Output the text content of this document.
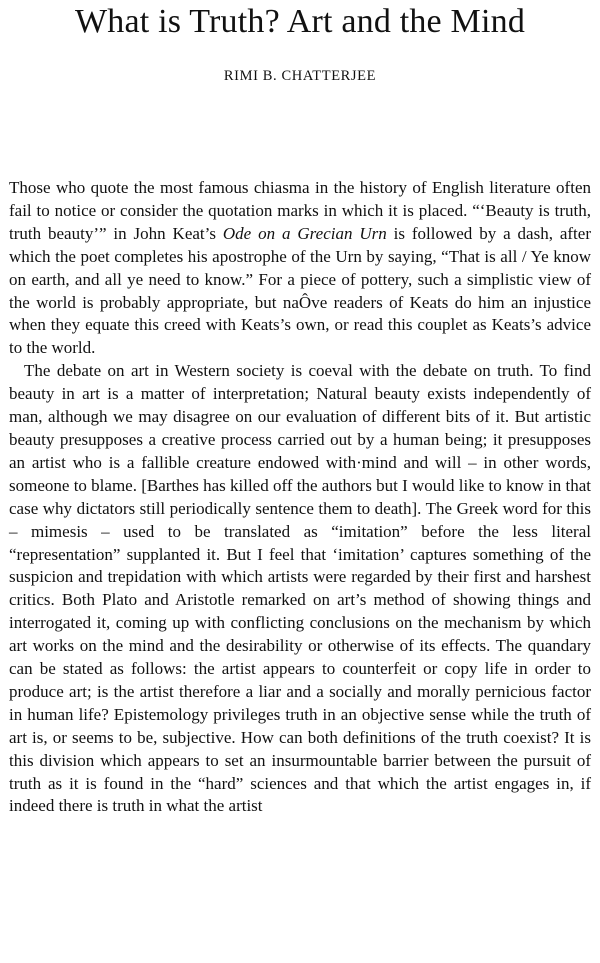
What is Truth? Art and the Mind
RIMI B. CHATTERJEE

Those who quote the most famous chiasma in the history of English literature often fail to notice or consider the quotation marks in which it is placed. “‘Beauty is truth, truth beauty’” in John Keat’s Ode on a Grecian Urn is followed by a dash, after which the poet completes his apostrophe of the Urn by saying, “That is all / Ye know on earth, and all ye need to know.” For a piece of pottery, such a simplistic view of the world is probably appropriate, but naÔve readers of Keats do him an injustice when they equate this creed with Keats’s own, or read this couplet as Keats’s advice to the world.

The debate on art in Western society is coeval with the debate on truth. To find beauty in art is a matter of interpretation; Natural beauty exists independently of man, although we may disagree on our evaluation of different bits of it. But artistic beauty presupposes a creative process carried out by a human being; it presupposes an artist who is a fallible creature endowed with·mind and will – in other words, someone to blame. [Barthes has killed off the authors but I would like to know in that case why dictators still periodically sentence them to death]. The Greek word for this – mimesis – used to be translated as “imitation” before the less literal “representation” supplanted it. But I feel that ‘imitation’ captures something of the suspicion and trepidation with which artists were regarded by their first and harshest critics. Both Plato and Aristotle remarked on art’s method of showing things and interrogated it, coming up with conflicting conclusions on the mechanism by which art works on the mind and the desirability or otherwise of its effects. The quandary can be stated as follows: the artist appears to counterfeit or copy life in order to produce art; is the artist therefore a liar and a socially and morally pernicious factor in human life? Epistemology privileges truth in an objective sense while the truth of art is, or seems to be, subjective. How can both definitions of the truth coexist? It is this division which appears to set an insurmountable barrier between the pursuit of truth as it is found in the “hard” sciences and that which the artist engages in, if indeed there is truth in what the artist
